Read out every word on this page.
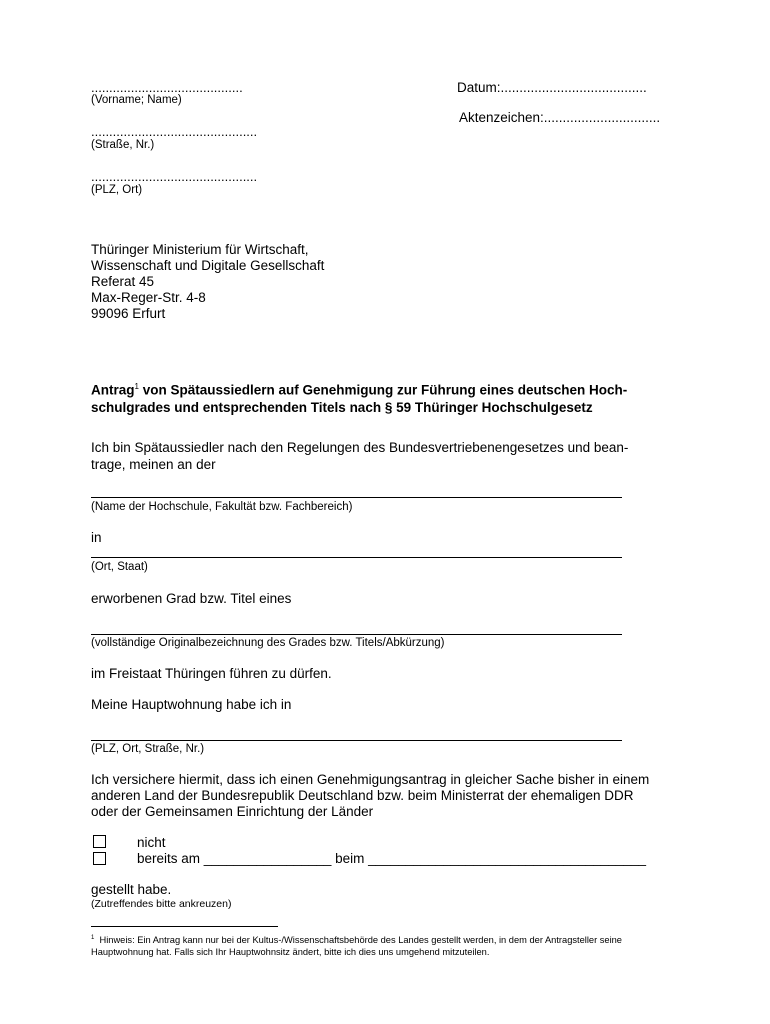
..........................................
(Vorname; Name)
..............................................
(Straße, Nr.)
..............................................
(PLZ, Ort)
Datum:.......................................
Aktenzeichen:...............................
Thüringer Ministerium für Wirtschaft,
Wissenschaft und Digitale Gesellschaft
Referat 45
Max-Reger-Str. 4-8
99096 Erfurt
Antrag$^1$ von Spätaussiedlern auf Genehmigung zur Führung eines deutschen Hoch-
schulgrades und entsprechenden Titels nach § 59 Thüringer Hochschulgesetz
Ich bin Spätaussiedler nach den Regelungen des Bundesvertriebenengesetzes und bean-
trage, meinen an der
(Name der Hochschule, Fakultät bzw. Fachbereich)
in
(Ort, Staat)
erworbenen Grad bzw. Titel eines
(vollständige Originalbezeichnung des Grades bzw. Titels/Abkürzung)
im Freistaat Thüringen führen zu dürfen.
Meine Hauptwohnung habe ich in
(PLZ, Ort, Straße, Nr.)
Ich versichere hiermit, dass ich einen Genehmigungsantrag in gleicher Sache bisher in einem
anderen Land der Bundesrepublik Deutschland bzw. beim Ministerrat der ehemaligen DDR
oder der Gemeinsamen Einrichtung der Länder
nicht
bereits am _________________ beim _____________________________________
gestellt habe.
(Zutreffendes bitte ankreuzen)
$^1$ Hinweis: Ein Antrag kann nur bei der Kultus-/Wissenschaftsbehörde des Landes gestellt werden, in dem der Antragsteller seine
Hauptwohnung hat. Falls sich Ihr Hauptwohnsitz ändert, bitte ich dies uns umgehend mitzuteilen.
